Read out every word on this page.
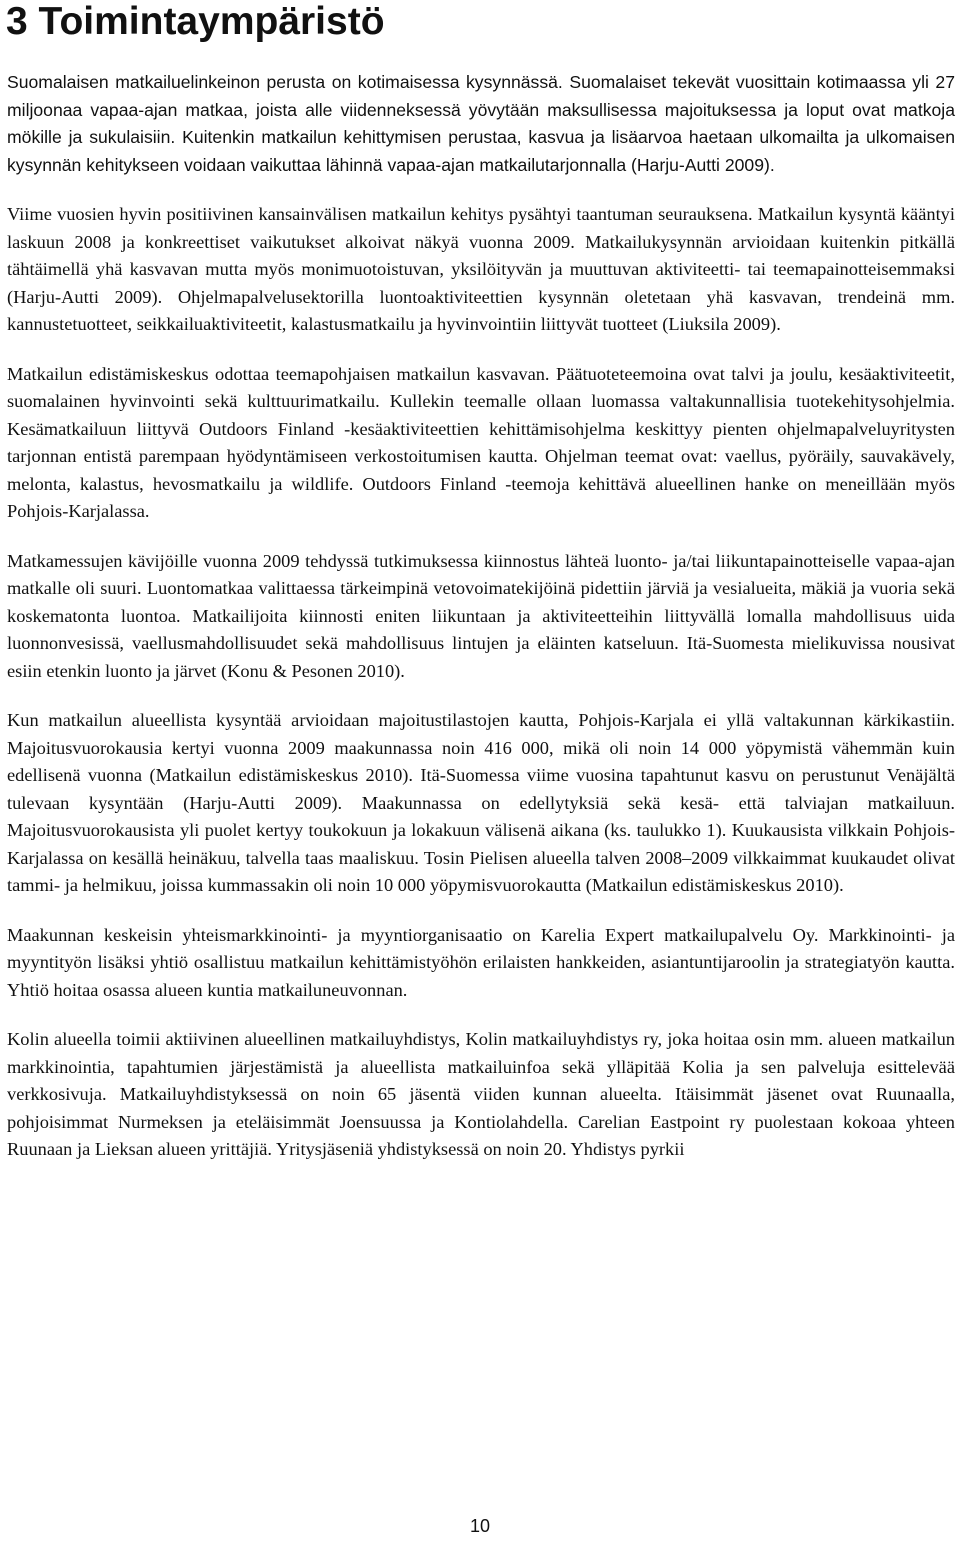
3 Toimintaympäristö

Suomalaisen matkailuelinkeinon perusta on kotimaisessa kysynnässä. Suomalaiset tekevät vuosittain kotimaassa yli 27 miljoonaa vapaa-ajan matkaa, joista alle viidenneksessä yövytään maksullisessa majoituksessa ja loput ovat matkoja mökille ja sukulaisiin. Kuitenkin matkailun kehittymisen perustaa, kasvua ja lisäarvoa haetaan ulkomailta ja ulkomaisen kysynnän kehitykseen voidaan vaikuttaa lähinnä vapaa-ajan matkailutarjonnalla (Harju-Autti 2009).

Viime vuosien hyvin positiivinen kansainvälisen matkailun kehitys pysähtyi taantuman seurauksena. Matkailun kysyntä kääntyi laskuun 2008 ja konkreettiset vaikutukset alkoivat näkyä vuonna 2009. Matkailukysynnän arvioidaan kuitenkin pitkällä tähtäimellä yhä kasvavan mutta myös monimuotoistuvan, yksilöityvän ja muuttuvan aktiviteetti- tai teemapainotteisemmaksi (Harju-Autti 2009). Ohjelmapalvelusektorilla luontoaktiviteettien kysynnän oletetaan yhä kasvavan, trendeinä mm. kannustetuotteet, seikkailuaktiviteetit, kalastusmatkailu ja hyvinvointiin liittyvät tuotteet (Liuksila 2009).

Matkailun edistämiskeskus odottaa teemapohjaisen matkailun kasvavan. Päätuoteteemoina ovat talvi ja joulu, kesäaktiviteetit, suomalainen hyvinvointi sekä kulttuurimatkailu. Kullekin teemalle ollaan luomassa valtakunnallisia tuotekehitysohjelmia. Kesämatkailuun liittyvä Outdoors Finland -kesäaktiviteettien kehittämisohjelma keskittyy pienten ohjelmapalveluyritysten tarjonnan entistä parempaan hyödyntämiseen verkostoitumisen kautta. Ohjelman teemat ovat: vaellus, pyöräily, sauvakävely, melonta, kalastus, hevosmatkailu ja wildlife. Outdoors Finland -teemoja kehittävä alueellinen hanke on meneillään myös Pohjois-Karjalassa.

Matkamessujen kävijöille vuonna 2009 tehdyssä tutkimuksessa kiinnostus lähteä luonto- ja/tai liikuntapainotteiselle vapaa-ajan matkalle oli suuri. Luontomatkaa valittaessa tärkeimpinä vetovoimatekijöinä pidettiin järviä ja vesialueita, mäkiä ja vuoria sekä koskematonta luontoa. Matkailijoita kiinnosti eniten liikuntaan ja aktiviteetteihin liittyvällä lomalla mahdollisuus uida luonnonvesissä, vaellusmahdollisuudet sekä mahdollisuus lintujen ja eläinten katseluun. Itä-Suomesta mielikuvissa nousivat esiin etenkin luonto ja järvet (Konu & Pesonen 2010).

Kun matkailun alueellista kysyntää arvioidaan majoitustilastojen kautta, Pohjois-Karjala ei yllä valtakunnan kärkikastiin. Majoitusvuorokausia kertyi vuonna 2009 maakunnassa noin 416 000, mikä oli noin 14 000 yöpymistä vähemmän kuin edellisenä vuonna (Matkailun edistämiskeskus 2010). Itä-Suomessa viime vuosina tapahtunut kasvu on perustunut Venäjältä tulevaan kysyntään (Harju-Autti 2009). Maakunnassa on edellytyksiä sekä kesä- että talviajan matkailuun. Majoitusvuorokausista yli puolet kertyy toukokuun ja lokakuun välisenä aikana (ks. taulukko 1). Kuukausista vilkkain Pohjois-Karjalassa on kesällä heinäkuu, talvella taas maaliskuu. Tosin Pielisen alueella talven 2008–2009 vilkkaimmat kuukaudet olivat tammi- ja helmikuu, joissa kummassakin oli noin 10 000 yöpymisvuorokautta (Matkailun edistämiskeskus 2010).

Maakunnan keskeisin yhteismarkkinointi- ja myyntiorganisaatio on Karelia Expert matkailupalvelu Oy. Markkinointi- ja myyntityön lisäksi yhtiö osallistuu matkailun kehittämistyöhön erilaisten hankkeiden, asiantuntijaroolin ja strategiatyön kautta. Yhtiö hoitaa osassa alueen kuntia matkailuneuvonnan.

Kolin alueella toimii aktiivinen alueellinen matkailuyhdistys, Kolin matkailuyhdistys ry, joka hoitaa osin mm. alueen matkailun markkinointia, tapahtumien järjestämistä ja alueellista matkailuinfoa sekä ylläpitää Kolia ja sen palveluja esittelevää verkkosivuja. Matkailuyhdistyksessä on noin 65 jäsentä viiden kunnan alueelta. Itäisimmät jäsenet ovat Ruunaalla, pohjoisimmat Nurmeksen ja eteläisimmät Joensuussa ja Kontiolahdella. Carelian Eastpoint ry puolestaan kokoaa yhteen Ruunaan ja Lieksan alueen yrittäjiä. Yritysjäseniä yhdistyksessä on noin 20. Yhdistys pyrkii

10
